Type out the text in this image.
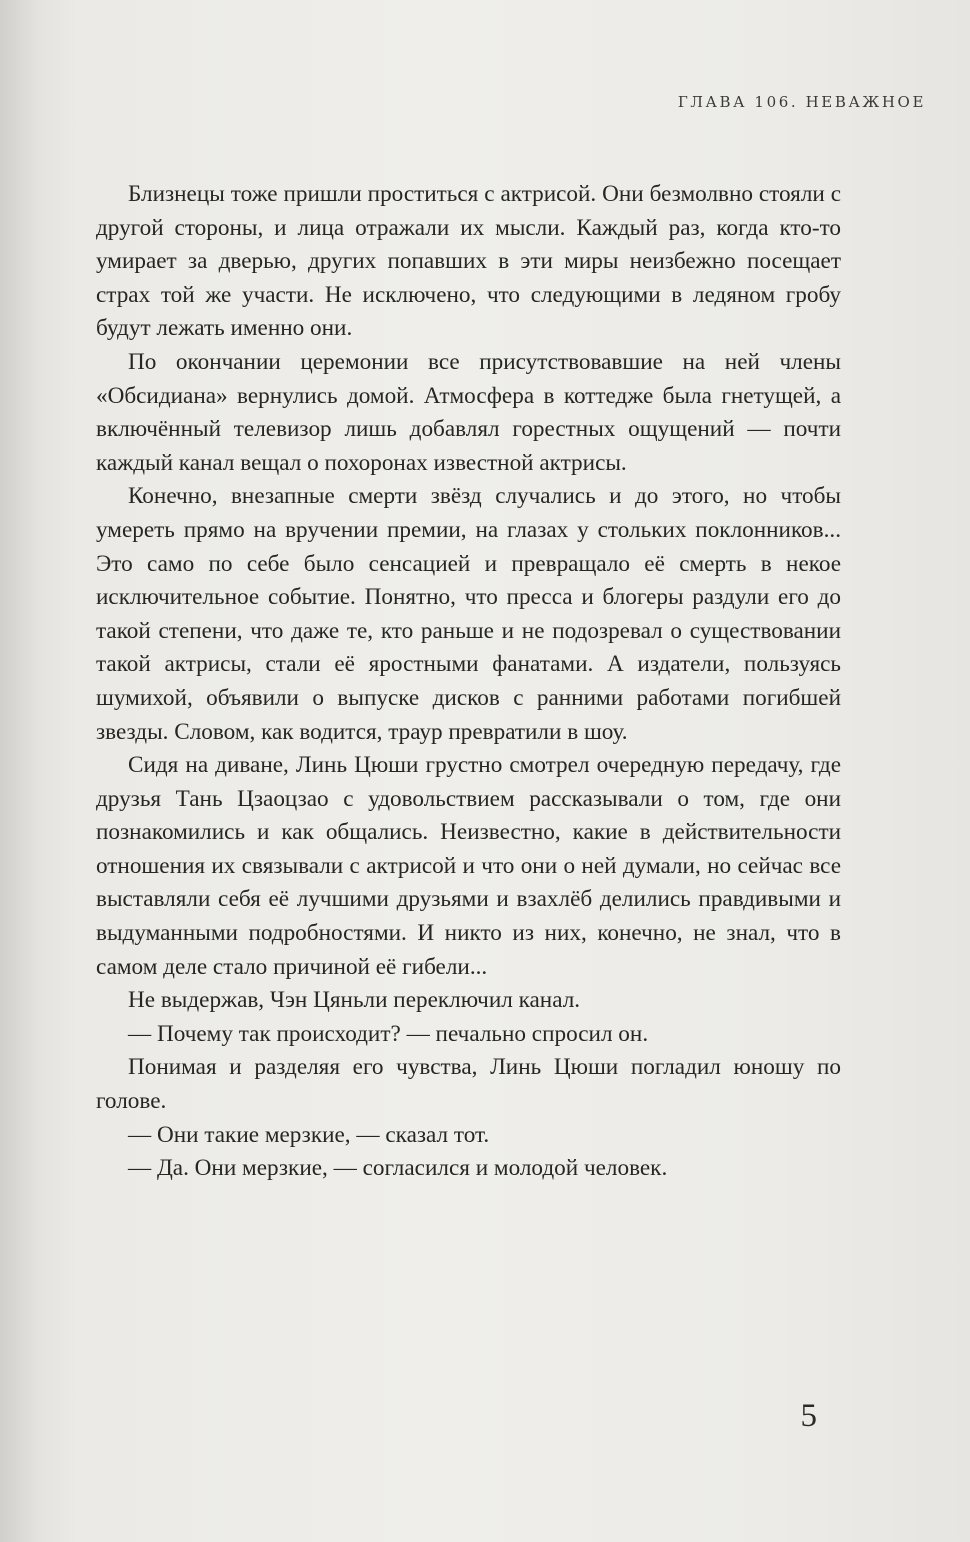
ГЛАВА 106. НЕВАЖНОЕ

Близнецы тоже пришли проститься с актрисой. Они безмолвно стояли с другой стороны, и лица отражали их мысли. Каждый раз, когда кто-то умирает за дверью, других попавших в эти миры неизбежно посещает страх той же участи. Не исключено, что следующими в ледяном гробу будут лежать именно они.

По окончании церемонии все присутствовавшие на ней члены «Обсидиана» вернулись домой. Атмосфера в коттедже была гнетущей, а включённый телевизор лишь добавлял горестных ощущений — почти каждый канал вещал о похоронах известной актрисы.

Конечно, внезапные смерти звёзд случались и до этого, но чтобы умереть прямо на вручении премии, на глазах у стольких поклонников... Это само по себе было сенсацией и превращало её смерть в некое исключительное событие. Понятно, что пресса и блогеры раздули его до такой степени, что даже те, кто раньше и не подозревал о существовании такой актрисы, стали её яростными фанатами. А издатели, пользуясь шумихой, объявили о выпуске дисков с ранними работами погибшей звезды. Словом, как водится, траур превратили в шоу.

Сидя на диване, Линь Цюши грустно смотрел очередную передачу, где друзья Тань Цзаоцзао с удовольствием рассказывали о том, где они познакомились и как общались. Неизвестно, какие в действительности отношения их связывали с актрисой и что они о ней думали, но сейчас все выставляли себя её лучшими друзьями и взахлёб делились правдивыми и выдуманными подробностями. И никто из них, конечно, не знал, что в самом деле стало причиной её гибели...

Не выдержав, Чэн Цяньли переключил канал.

— Почему так происходит? — печально спросил он.

Понимая и разделяя его чувства, Линь Цюши погладил юношу по голове.

— Они такие мерзкие, — сказал тот.

— Да. Они мерзкие, — согласился и молодой человек.

5
